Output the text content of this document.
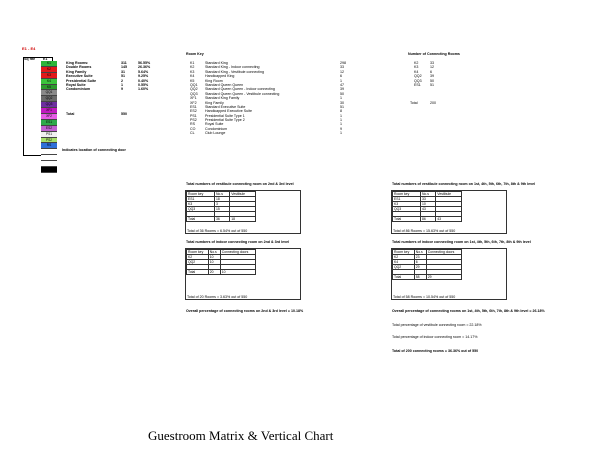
E1 - E4
Sq ftte E1
K1
K2
K3
K4
K5
QQ1
QQ2
QQ3
XF1
XF2
ES1
ES2
PS1
PS2
RS
King Rooms:	311	56.55%
Double Rooms	145	26.36%
King Family	31	5.64%
Executive Suite	51	9.25%
Presidential Suite	2	0.40%
Royal Suite	1	0.55%
Condominium	9	1.60%
Total	550
Indicates location of connecting door
Room Key
K1	Standard King	298
K2	Standard King - Indoor connecting	33
K3	Standard King - Vestibule connecting	12
K4	Handicapped King	6
K5	King Room	1
QQ1 Standard Queen Queen	47
QQ2 Standard Queen Queen - Indoor connecting	39
QQ3 Standard Queen Queen - Vestibule connecting	50
XF1 Standard King Family	1
XF2 King Family	30
ES1 Standard Executive Suite	51
ES2 Handicapped Executive Suite	8
PS1 Presidential Suite Type 1	1
PS2 Presidential Suite Type 2	1
RS	Royal Suite	1
CO	Condominium	9
CL	Club Lounge	1
Number of Connecting Rooms
K2	33
K3	12
K4	6
QQ2 39
QQ3 50
ES1	51
Total	200
Total numbers of vestibule connecting room on 2nd & 3rd level
Room key	No.s	Vestibule
ES1	18	
K3	3	
QQ3	15	

Total	36	18
Total of 36 Rooms = 6.54% out of 550
Total numbers of indoor connecting room on 2nd & 3rd level
Room key	No.s	Connecting doors
K2	10	
QQ2	10	

Total	20	10
Total of 20 Rooms = 3.63% out of 550
Overall percentage of connecting rooms on 2nd & 3rd level = 10.18%
Total numbers of vestibule connecting room on 1st, 4th, 5th, 6th, 7th, 8th & 9th level
Room key	No.s	Vestibule
ES1	33	
K3	10	
QQ3	43	

Total	86	43
Total of 86 Rooms = 15.63% out of 550
Total numbers of indoor connecting room on 1st, 4th, 5th, 6th, 7th, 8th & 9th level
Room key	No.s	Connecting doors
K2	23	
K4	6	
QQ2	29	

Total	58	29
Total of 58 Rooms = 10.54% out of 550
Overall percentage of connecting rooms on 1st, 4th, 5th, 6th, 7th, 8th & 9th level = 26.18%
Total percentage of vestibule connecting room = 22.18%
Total percentage of indoor connecting room = 14.17%
Total of 200 connecting rooms = 36.36% out of 550
Guestroom Matrix & Vertical Chart
